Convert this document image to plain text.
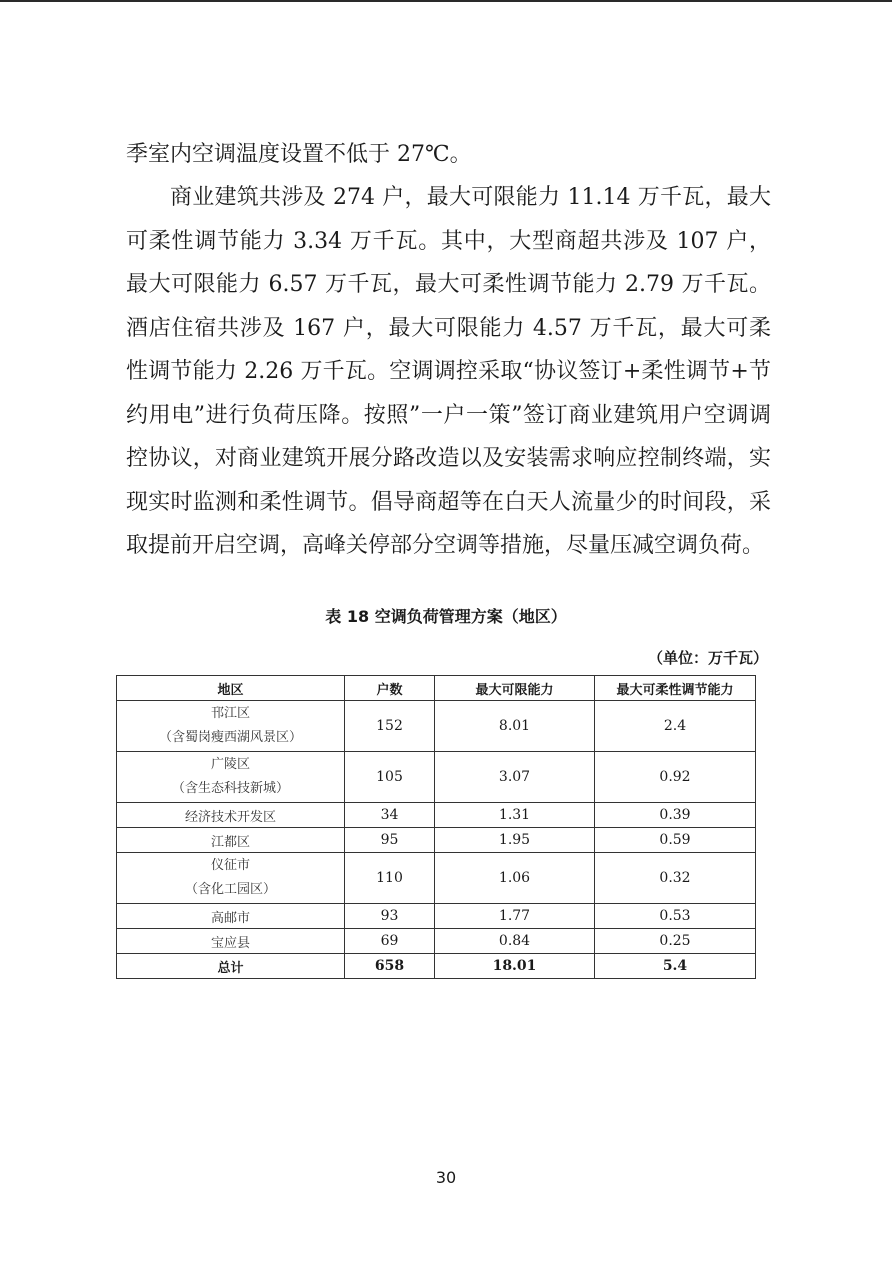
季室内空调温度设置不低于 27℃。

商业建筑共涉及 274 户，最大可限能力 11.14 万千瓦，最大可柔性调节能力 3.34 万千瓦。其中，大型商超共涉及 107 户，最大可限能力 6.57 万千瓦，最大可柔性调节能力 2.79 万千瓦。酒店住宿共涉及 167 户，最大可限能力 4.57 万千瓦，最大可柔性调节能力 2.26 万千瓦。空调调控采取“协议签订+柔性调节+节约用电”进行负荷压降。按照”一户一策”签订商业建筑用户空调调控协议，对商业建筑开展分路改造以及安装需求响应控制终端，实现实时监测和柔性调节。倡导商超等在白天人流量少的时间段，采取提前开启空调，高峰关停部分空调等措施，尽量压减空调负荷。

表 18 空调负荷管理方案（地区）
（单位：万千瓦）
地区	户数	最大可限能力	最大可柔性调节能力

邗江区
（含蜀岗瘦西湖风景区）	152	8.01	2.4

广陵区
（含生态科技新城）	105	3.07	0.92
经济技术开发区	34	1.31	0.39
江都区	95	1.95	0.59

仪征市
（含化工园区）	110	1.06	0.32
高邮市	93	1.77	0.53
宝应县	69	0.84	0.25
总计	658	18.01	5.4
30
